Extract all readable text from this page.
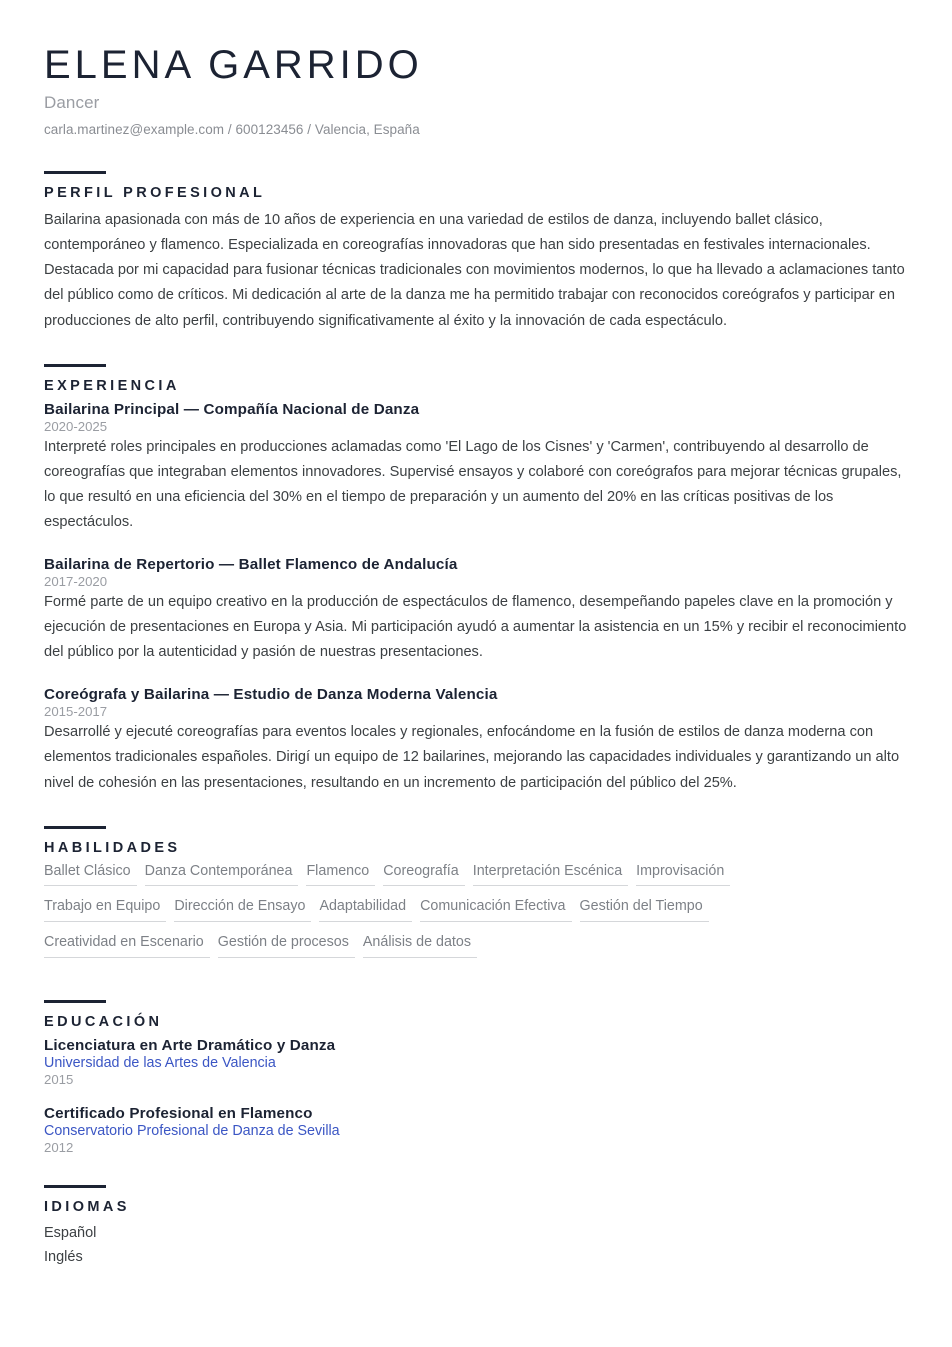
ELENA GARRIDO
Dancer
carla.martinez@example.com / 600123456 / Valencia, España
PERFIL PROFESIONAL

Bailarina apasionada con más de 10 años de experiencia en una variedad de estilos de danza, incluyendo ballet clásico, contemporáneo y flamenco. Especializada en coreografías innovadoras que han sido presentadas en festivales internacionales. Destacada por mi capacidad para fusionar técnicas tradicionales con movimientos modernos, lo que ha llevado a aclamaciones tanto del público como de críticos. Mi dedicación al arte de la danza me ha permitido trabajar con reconocidos coreógrafos y participar en producciones de alto perfil, contribuyendo significativamente al éxito y la innovación de cada espectáculo.

EXPERIENCIA
Bailarina Principal — Compañía Nacional de Danza
2020-2025

Interpreté roles principales en producciones aclamadas como 'El Lago de los Cisnes' y 'Carmen', contribuyendo al desarrollo de coreografías que integraban elementos innovadores. Supervisé ensayos y colaboré con coreógrafos para mejorar técnicas grupales, lo que resultó en una eficiencia del 30% en el tiempo de preparación y un aumento del 20% en las críticas positivas de los espectáculos.

Bailarina de Repertorio — Ballet Flamenco de Andalucía
2017-2020

Formé parte de un equipo creativo en la producción de espectáculos de flamenco, desempeñando papeles clave en la promoción y ejecución de presentaciones en Europa y Asia. Mi participación ayudó a aumentar la asistencia en un 15% y recibir el reconocimiento del público por la autenticidad y pasión de nuestras presentaciones.

Coreógrafa y Bailarina — Estudio de Danza Moderna Valencia
2015-2017

Desarrollé y ejecuté coreografías para eventos locales y regionales, enfocándome en la fusión de estilos de danza moderna con elementos tradicionales españoles. Dirigí un equipo de 12 bailarines, mejorando las capacidades individuales y garantizando un alto nivel de cohesión en las presentaciones, resultando en un incremento de participación del público del 25%.

HABILIDADES
Ballet Clásico Danza Contemporánea Flamenco Coreografía Interpretación Escénica Improvisación
Trabajo en Equipo Dirección de Ensayo Adaptabilidad Comunicación Efectiva Gestión del Tiempo
Creatividad en Escenario Gestión de procesos Análisis de datos
EDUCACIÓN
Licenciatura en Arte Dramático y Danza
Universidad de las Artes de Valencia
2015
Certificado Profesional en Flamenco
Conservatorio Profesional de Danza de Sevilla
2012
IDIOMAS
Español
Inglés
